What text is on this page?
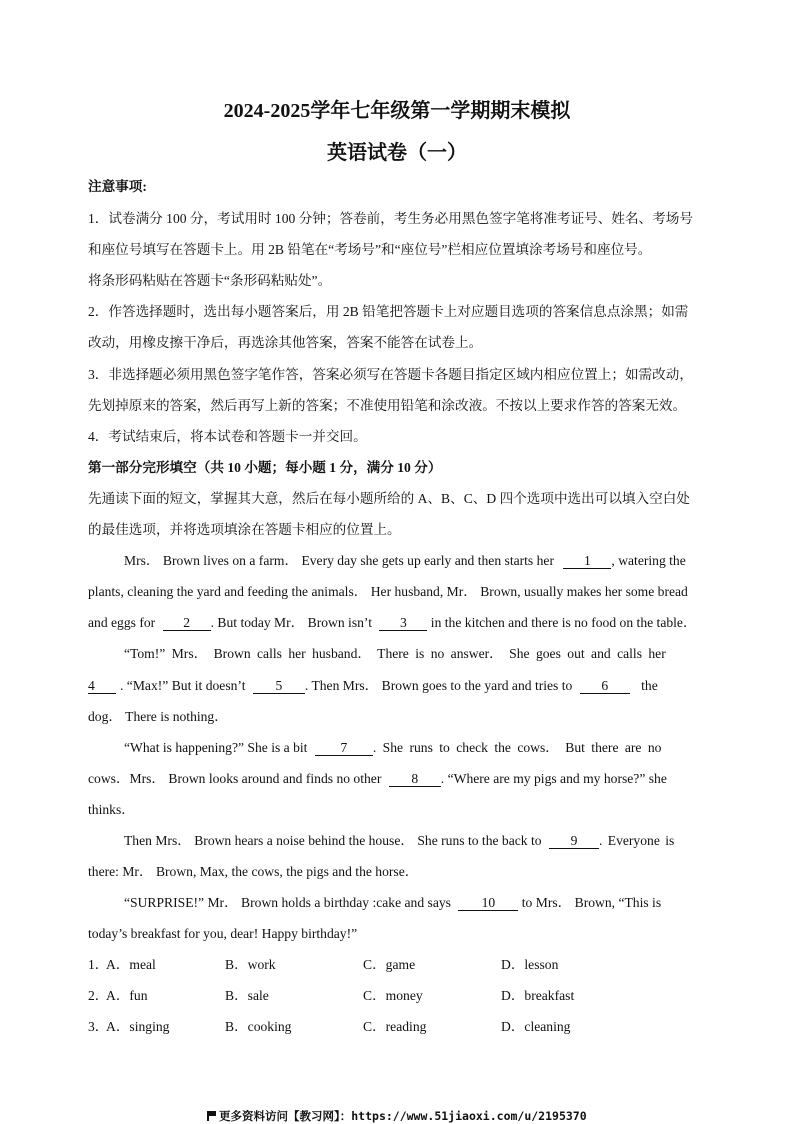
2024-2025学年七年级第一学期期末模拟
英语试卷（一）
注意事项:
1．试卷满分 100 分，考试用时 100 分钟；答卷前，考生务必用黑色签字笔将准考证号、姓名、考场号
和座位号填写在答题卡上。用 2B 铅笔在“考场号”和“座位号”栏相应位置填涂考场号和座位号。
将条形码粘贴在答题卡“条形码粘贴处”。
2．作答选择题时，选出每小题答案后，用 2B 铅笔把答题卡上对应题目选项的答案信息点涂黑；如需
改动，用橡皮擦干净后，再选涂其他答案，答案不能答在试卷上。
3．非选择题必须用黑色签字笔作答，答案必须写在答题卡各题目指定区域内相应位置上；如需改动，
先划掉原来的答案，然后再写上新的答案；不准使用铅笔和涂改液。不按以上要求作答的答案无效。
4．考试结束后，将本试卷和答题卡一并交回。
第一部分完形填空（共 10 小题；每小题 1 分，满分 10 分）
先通读下面的短文，掌握其大意，然后在每小题所给的 A、B、C、D 四个选项中选出可以填入空白处
的最佳选项，并将选项填涂在答题卡相应的位置上。
Mrs． Brown lives on a farm． Every day she gets up early and then starts her 1 , watering the
plants, cleaning the yard and feeding the animals． Her husband, Mr． Brown, usually makes her some bread
and eggs for 2 . But today Mr． Brown isn’t 3 in the kitchen and there is no food on the table．
“Tom!” Mrs． Brown calls her husband． There is no answer． She goes out and calls her
4 . “Max!” But it doesn’t 5 . Then Mrs． Brown goes to the yard and tries to 6 the
dog． There is nothing．
“What is happening?” She is a bit 7 . She runs to check the cows． But there are no
cows．Mrs． Brown looks around and finds no other 8 . “Where are my pigs and my horse?” she
thinks．
Then Mrs． Brown hears a noise behind the house． She runs to the back to 9 . Everyone is
there: Mr． Brown, Max, the cows, the pigs and the horse．
“SURPRISE!” Mr． Brown holds a birthday :cake and says 10 to Mrs． Brown, “This is
today’s breakfast for you, dear! Happy birthday!”
1．
A．meal	B．work	C．game	D．lesson
2．
A．fun	B．sale	C．money	D．breakfast
3．
A．singing	B．cooking	C．reading	D．cleaning
更多资料访问【教习网】：https://www.51jiaoxi.com/u/2195370
